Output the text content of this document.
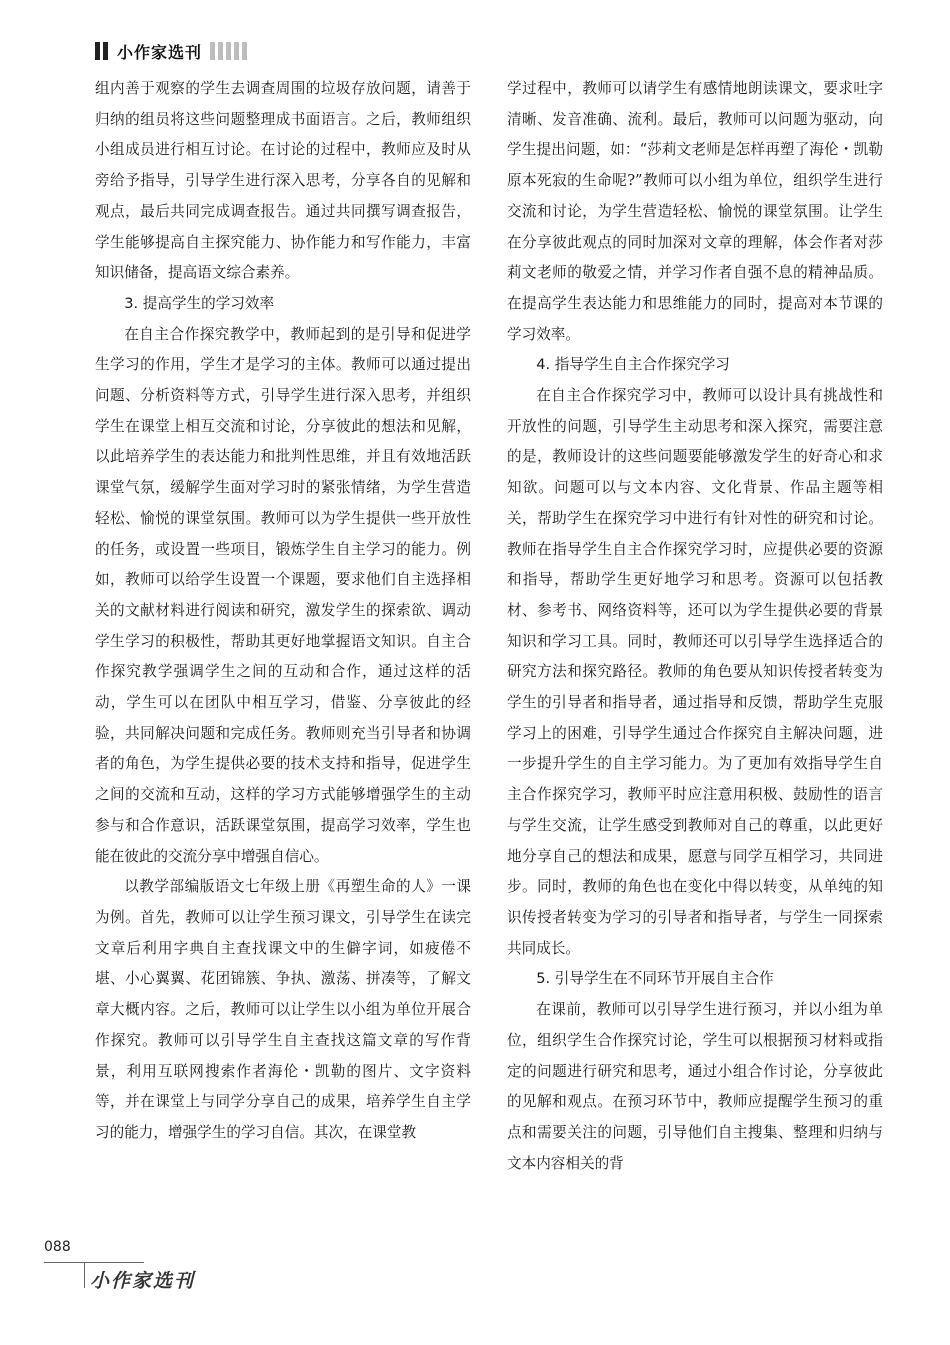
小作家选刊

组内善于观察的学生去调查周围的垃圾存放问题，请善于归纳的组员将这些问题整理成书面语言。之后，教师组织小组成员进行相互讨论。在讨论的过程中，教师应及时从旁给予指导，引导学生进行深入思考，分享各自的见解和观点，最后共同完成调查报告。通过共同撰写调查报告，学生能够提高自主探究能力、协作能力和写作能力，丰富知识储备，提高语文综合素养。

3. 提高学生的学习效率

在自主合作探究教学中，教师起到的是引导和促进学生学习的作用，学生才是学习的主体。教师可以通过提出问题、分析资料等方式，引导学生进行深入思考，并组织学生在课堂上相互交流和讨论，分享彼此的想法和见解，以此培养学生的表达能力和批判性思维，并且有效地活跃课堂气氛，缓解学生面对学习时的紧张情绪，为学生营造轻松、愉悦的课堂氛围。教师可以为学生提供一些开放性的任务，或设置一些项目，锻炼学生自主学习的能力。例如，教师可以给学生设置一个课题，要求他们自主选择相关的文献材料进行阅读和研究，激发学生的探索欲、调动学生学习的积极性，帮助其更好地掌握语文知识。自主合作探究教学强调学生之间的互动和合作，通过这样的活动，学生可以在团队中相互学习，借鉴、分享彼此的经验，共同解决问题和完成任务。教师则充当引导者和协调者的角色，为学生提供必要的技术支持和指导，促进学生之间的交流和互动，这样的学习方式能够增强学生的主动参与和合作意识，活跃课堂氛围，提高学习效率，学生也能在彼此的交流分享中增强自信心。

以教学部编版语文七年级上册《再塑生命的人》一课为例。首先，教师可以让学生预习课文，引导学生在读完文章后利用字典自主查找课文中的生僻字词，如疲倦不堪、小心翼翼、花团锦簇、争执、激荡、拼凑等，了解文章大概内容。之后，教师可以让学生以小组为单位开展合作探究。教师可以引导学生自主查找这篇文章的写作背景，利用互联网搜索作者海伦・凯勒的图片、文字资料等，并在课堂上与同学分享自己的成果，培养学生自主学习的能力，增强学生的学习自信。其次，在课堂教

学过程中，教师可以请学生有感情地朗读课文，要求吐字清晰、发音准确、流利。最后，教师可以问题为驱动，向学生提出问题，如：“莎莉文老师是怎样再塑了海伦・凯勒原本死寂的生命呢?”教师可以小组为单位，组织学生进行交流和讨论，为学生营造轻松、愉悦的课堂氛围。让学生在分享彼此观点的同时加深对文章的理解，体会作者对莎莉文老师的敬爱之情，并学习作者自强不息的精神品质。在提高学生表达能力和思维能力的同时，提高对本节课的学习效率。

4. 指导学生自主合作探究学习

在自主合作探究学习中，教师可以设计具有挑战性和开放性的问题，引导学生主动思考和深入探究，需要注意的是，教师设计的这些问题要能够激发学生的好奇心和求知欲。问题可以与文本内容、文化背景、作品主题等相关，帮助学生在探究学习中进行有针对性的研究和讨论。教师在指导学生自主合作探究学习时，应提供必要的资源和指导，帮助学生更好地学习和思考。资源可以包括教材、参考书、网络资料等，还可以为学生提供必要的背景知识和学习工具。同时，教师还可以引导学生选择适合的研究方法和探究路径。教师的角色要从知识传授者转变为学生的引导者和指导者，通过指导和反馈，帮助学生克服学习上的困难，引导学生通过合作探究自主解决问题，进一步提升学生的自主学习能力。为了更加有效指导学生自主合作探究学习，教师平时应注意用积极、鼓励性的语言与学生交流，让学生感受到教师对自己的尊重，以此更好地分享自己的想法和成果，愿意与同学互相学习，共同进步。同时，教师的角色也在变化中得以转变，从单纯的知识传授者转变为学习的引导者和指导者，与学生一同探索共同成长。

5. 引导学生在不同环节开展自主合作

在课前，教师可以引导学生进行预习，并以小组为单位，组织学生合作探究讨论，学生可以根据预习材料或指定的问题进行研究和思考，通过小组合作讨论，分享彼此的见解和观点。在预习环节中，教师应提醒学生预习的重点和需要关注的问题，引导他们自主搜集、整理和归纳与文本内容相关的背

088
小作家选刊
